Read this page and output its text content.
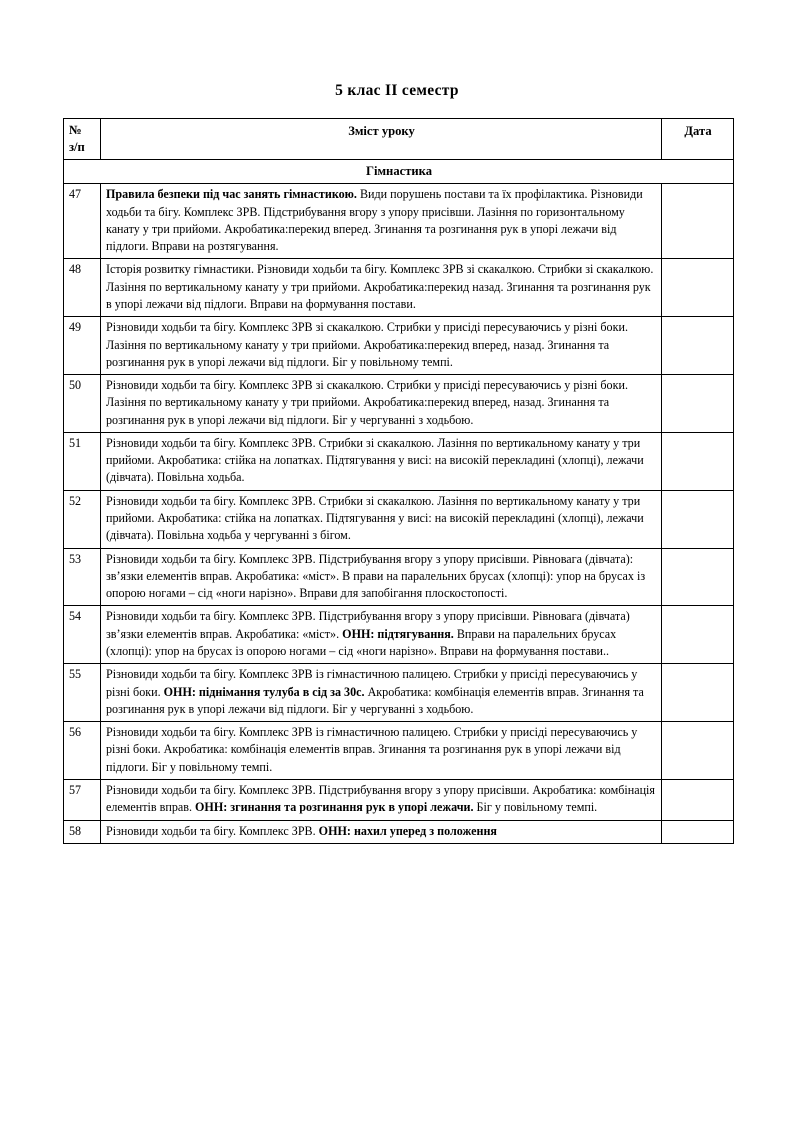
5 клас II семестр
№
з/п	Зміст уроку	Дата
Гімнастика		
47	Правила безпеки під час занять гімнастикою. Види порушень постави та їх профілактика. Різновиди ходьби та бігу. Комплекс ЗРВ. Підстрибування вгору з упору присівши. Лазіння по горизонтальному канату у три прийоми. Акробатика:перекид вперед. Згинання та розгинання рук в упорі лежачи від підлоги. Вправи на розтягування.	
48	Історія розвитку гімнастики. Різновиди ходьби та бігу. Комплекс ЗРВ зі скакалкою. Стрибки зі скакалкою. Лазіння по вертикальному канату у три прийоми. Акробатика:перекид назад. Згинання та розгинання рук в упорі лежачи від підлоги. Вправи на формування постави.	
49	Різновиди ходьби та бігу. Комплекс ЗРВ зі скакалкою. Стрибки у присіді пересуваючись у різні боки. Лазіння по вертикальному канату у три прийоми. Акробатика:перекид вперед, назад. Згинання та розгинання рук в упорі лежачи від підлоги. Біг у повільному темпі.	
50	Різновиди ходьби та бігу. Комплекс ЗРВ зі скакалкою. Стрибки у присіді пересуваючись у різні боки. Лазіння по вертикальному канату у три прийоми. Акробатика:перекид вперед, назад. Згинання та розгинання рук в упорі лежачи від підлоги. Біг у чергуванні з ходьбою.	
51	Різновиди ходьби та бігу. Комплекс ЗРВ. Стрибки зі скакалкою. Лазіння по вертикальному канату у три прийоми. Акробатика: стійка на лопатках. Підтягування у висі: на високій перекладині (хлопці), лежачи (дівчата). Повільна ходьба.	
52	Різновиди ходьби та бігу. Комплекс ЗРВ. Стрибки зі скакалкою. Лазіння по вертикальному канату у три прийоми. Акробатика: стійка на лопатках. Підтягування у висі: на високій перекладині (хлопці), лежачи (дівчата). Повільна ходьба у чергуванні з бігом.	
53	Різновиди ходьби та бігу. Комплекс ЗРВ. Підстрибування вгору з упору присівши. Рівновага (дівчата): зв’язки елементів вправ. Акробатика: «міст». В прави на паралельних брусах (хлопці): упор на брусах із опорою ногами – сід «ноги нарізно». Вправи для запобігання плоскостопості.	
54	Різновиди ходьби та бігу. Комплекс ЗРВ. Підстрибування вгору з упору присівши. Рівновага (дівчата) зв’язки елементів вправ. Акробатика: «міст». ОНН: підтягування. Вправи на паралельних брусах (хлопці): упор на брусах із опорою ногами – сід «ноги нарізно». Вправи на формування постави..	
55	Різновиди ходьби та бігу. Комплекс ЗРВ із гімнастичною палицею. Стрибки у присіді пересуваючись у різні боки. ОНН: піднімання тулуба в сід за 30с. Акробатика: комбінація елементів вправ. Згинання та розгинання рук в упорі лежачи від підлоги. Біг у чергуванні з ходьбою.	
56	Різновиди ходьби та бігу. Комплекс ЗРВ із гімнастичною палицею. Стрибки у присіді пересуваючись у різні боки. Акробатика: комбінація елементів вправ. Згинання та розгинання рук в упорі лежачи від підлоги. Біг у повільному темпі.	
57	Різновиди ходьби та бігу. Комплекс ЗРВ. Підстрибування вгору з упору присівши. Акробатика: комбінація елементів вправ. ОНН: згинання та розгинання рук в упорі лежачи. Біг у повільному темпі.	
58	Різновиди ходьби та бігу. Комплекс ЗРВ. ОНН: нахил уперед з положення	
